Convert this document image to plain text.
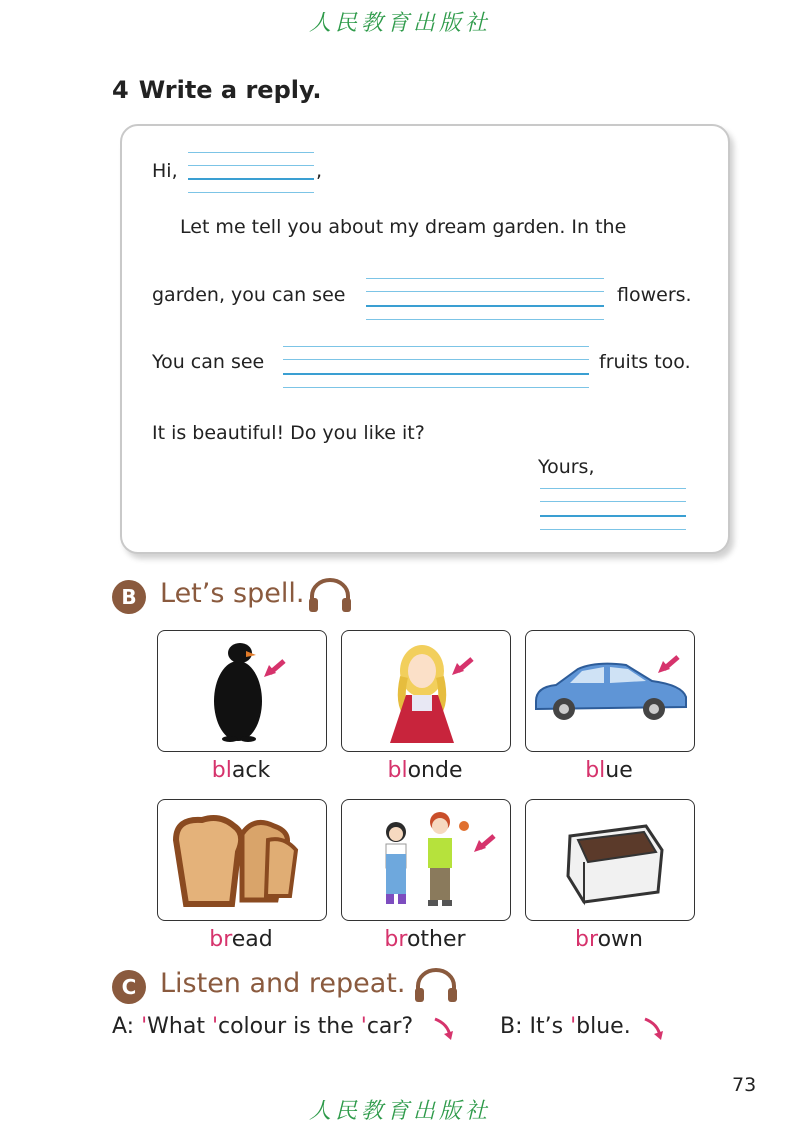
人民教育出版社
4 Write a reply.
Hi,	,
Let me tell you about my dream garden. In the
garden, you can see	flowers.
You can see	fruits too.
It is beautiful! Do you like it?
Yours,
B Let’s spell.
black	blonde	blue
bread	brother	brown
C Listen and repeat.
A: 'What 'colour is the 'car?	B: It’s 'blue.
73
人民教育出版社
